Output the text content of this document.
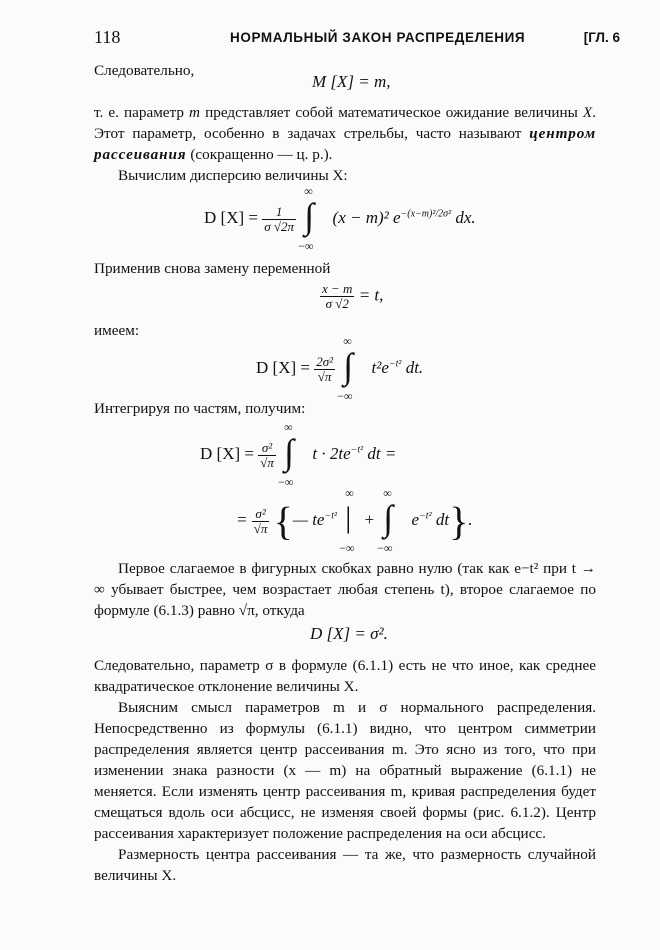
118	НОРМАЛЬНЫЙ ЗАКОН РАСПРЕДЕЛЕНИЯ	[ГЛ. 6
Следовательно,
M [X] = m,
т. е. параметр m представляет собой математическое ожидание величины X. Этот параметр, особенно в задачах стрельбы, часто называют центром рассеивания (сокращенно — ц. р.).
Вычислим дисперсию величины X:
D $[X] = \frac{1}{\sigma √2\pi}$

∞
∫
−∞
(x − m)² $e^{-(x-m)^2/2\sigma^2}$ dx.
Применив снова замену переменной
$\frac{x - m}{\sigma √2} = t$,
имеем:
D $[X] = \frac{\text{2σ²}}{√\pi}$

∞
∫
−∞
$t^2e^{-t^2}$ dt.
Интегрируя по частям, получим:
D $[X] = \frac{\text{σ²}}{√\pi}$

∞
∫
−∞
$t \cdot 2te^{-t^2}$ dt =
= $\frac{\text{σ²}}{√\pi}$ {— $te^{-t^2}$
∞
|
−∞
+
∞
∫
−∞
$e^{-t^2}$ dt}.
Первое слагаемое в фигурных скобках равно нулю (так как e−t² при t → ∞ убывает быстрее, чем возрастает любая степень t), второе слагаемое по формуле (6.1.3) равно √π, откуда
D [X] = σ².
Следовательно, параметр σ в формуле (6.1.1) есть не что иное, как среднее квадратическое отклонение величины X.
Выясним смысл параметров m и σ нормального распределения. Непосредственно из формулы (6.1.1) видно, что центром симметрии распределения является центр рассеивания m. Это ясно из того, что при изменении знака разности (x — m) на обратный выражение (6.1.1) не меняется. Если изменять центр рассеивания m, кривая распределения будет смещаться вдоль оси абсцисс, не изменяя своей формы (рис. 6.1.2). Центр рассеивания характеризует положение распределения на оси абсцисс.
Размерность центра рассеивания — та же, что размерность случайной величины X.
